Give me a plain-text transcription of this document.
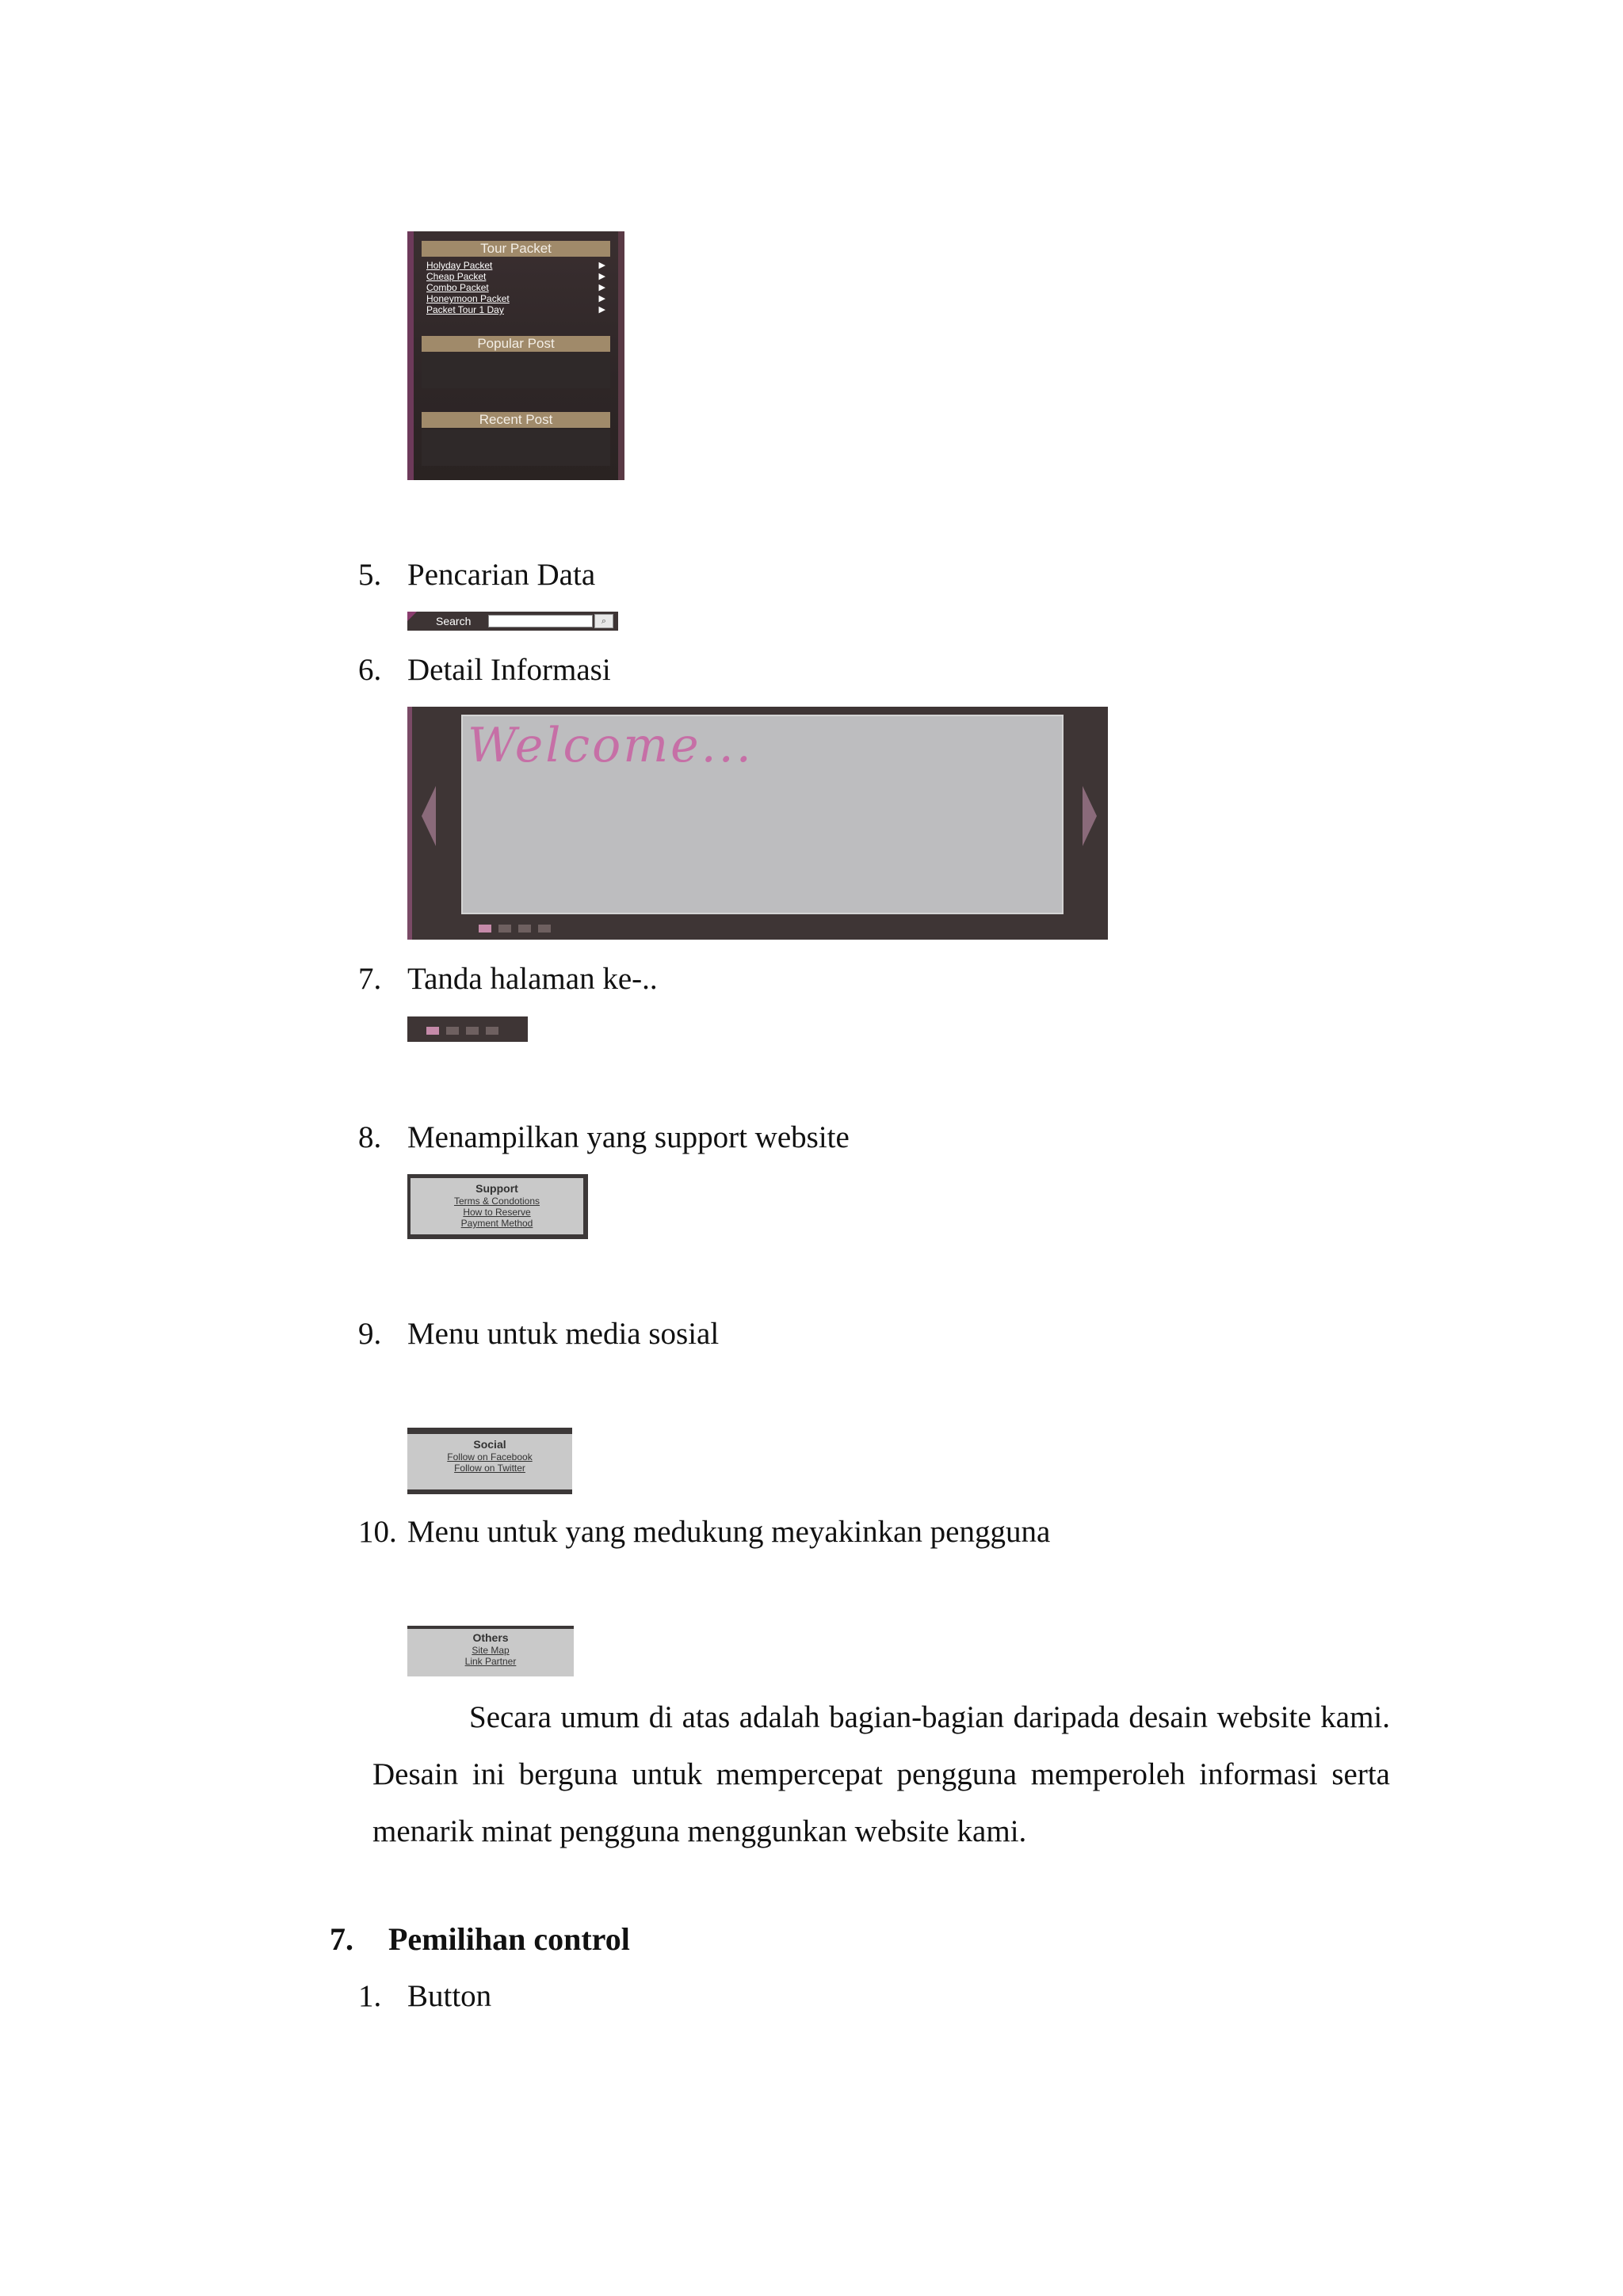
Tour Packet
Holyday Packet	▶
Cheap Packet	▶
Combo Packet	▶
Honeymoon Packet	▶
Packet Tour 1 Day	▶
Popular Post
Recent Post
5. Pencarian Data
Search	⌕
6. Detail Informasi
Welcome...
7. Tanda halaman ke-..
8. Menampilkan yang support website
Support
Terms & Condotions
How to Reserve
Payment Method
9. Menu untuk media sosial
Social
Follow on Facebook
Follow on Twitter
10. Menu untuk yang medukung meyakinkan pengguna
Others
Site Map
Link Partner

Secara umum di atas adalah bagian-bagian daripada desain website kami. Desain ini berguna untuk mempercepat pengguna memperoleh informasi serta menarik minat pengguna menggunkan website kami.

7. Pemilihan control
1. Button
